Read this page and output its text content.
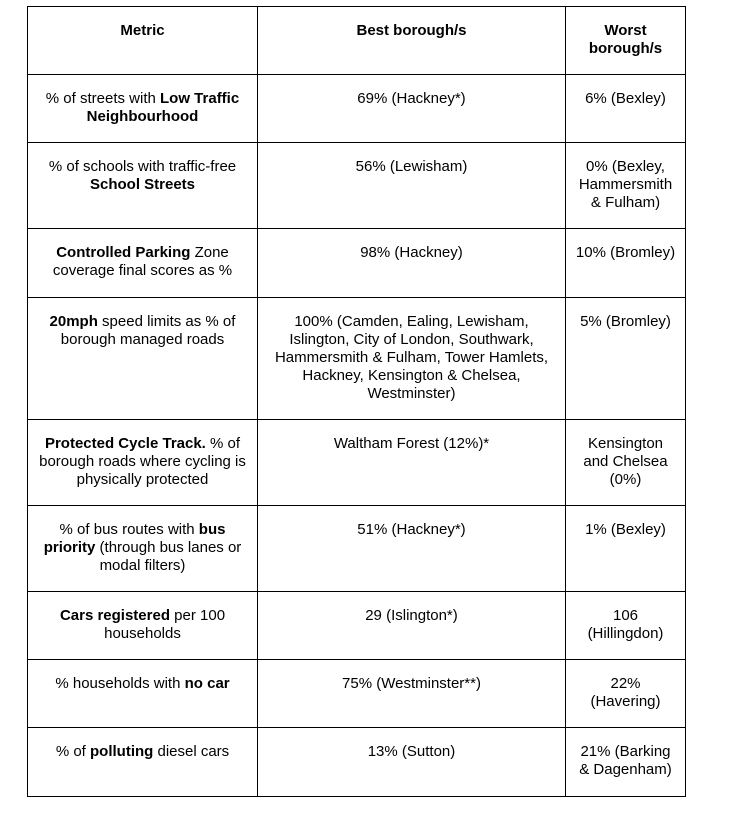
Metric	Best borough/s	Worst borough/s
% of streets with Low Traffic Neighbourhood	69% (Hackney*)	6% (Bexley)
% of schools with traffic-free School Streets	56% (Lewisham)	0% (Bexley, Hammersmith & Fulham)
Controlled Parking Zone coverage final scores as %	98% (Hackney)	10% (Bromley)
20mph speed limits as % of borough managed roads	100% (Camden, Ealing, Lewisham, Islington, City of London, Southwark, Hammersmith & Fulham, Tower Hamlets, Hackney, Kensington & Chelsea, Westminster)	5% (Bromley)
Protected Cycle Track. % of borough roads where cycling is physically protected	Waltham Forest (12%)*	Kensington and Chelsea (0%)
% of bus routes with bus priority (through bus lanes or modal filters)	51% (Hackney*)	1% (Bexley)
Cars registered per 100 households	29 (Islington*)	106 (Hillingdon)
% households with no car	75% (Westminster**)	22% (Havering)
% of polluting diesel cars	13% (Sutton)	21% (Barking & Dagenham)
